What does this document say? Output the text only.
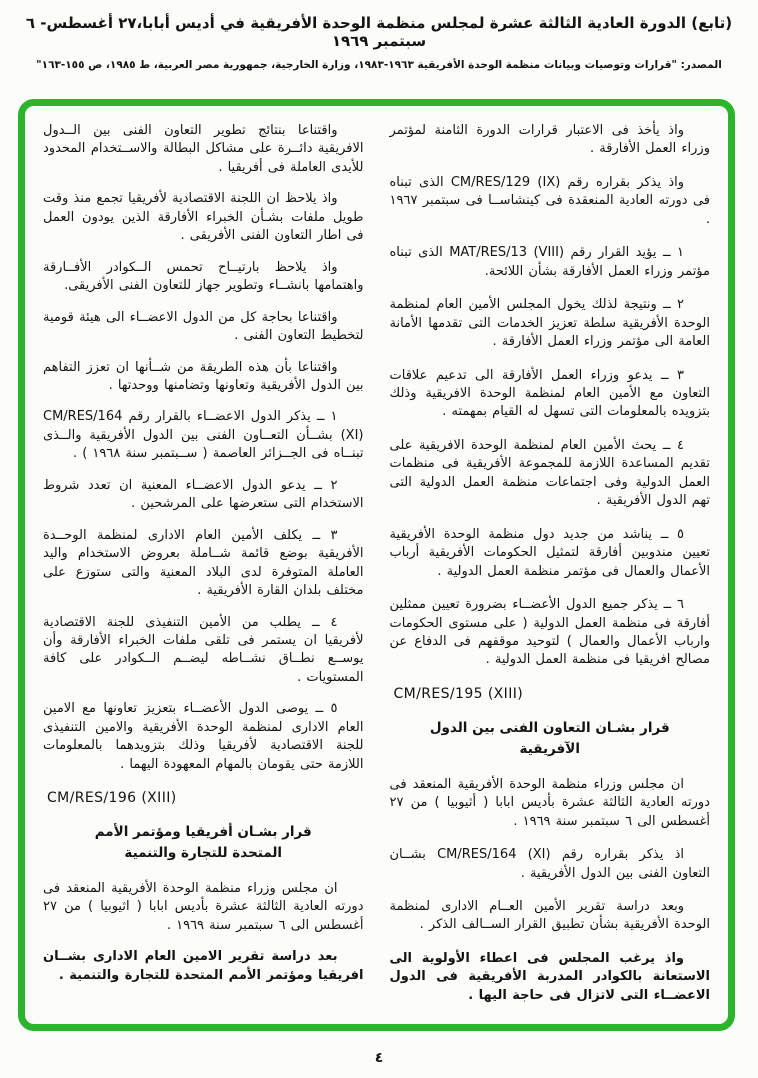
(تابع) الدورة العادية الثالثة عشرة لمجلس منظمة الوحدة الأفريقية في أديس أبابا،٢٧ أغسطس- ٦ سبتمبر ١٩٦٩
المصدر: "قرارات وتوصيات وبيانات منظمة الوحدة الأفريقية ١٩٦٣-١٩٨٣، وزارة الخارجية، جمهورية مصر العربية، ط ١٩٨٥، ص ١٥٥-١٦٣"

واذ يأخذ فى الاعتبار قرارات الدورة الثامنة لمؤتمر وزراء العمل الأفارقة .

واذ يذكر بقراره رقم CM/RES/129 (IX) الذى تبناه فى دورته العادية المنعقدة فى كينشاســا فى سبتمبر ١٩٦٧ .

١ ــ يؤيد القرار رقم MAT/RES/13 (VIII) الذى تبناه مؤتمر وزراء العمل الأفارقة بشأن اللائحة.

٢ ــ ونتيجة لذلك يخول المجلس الأمين العام لمنظمة الوحدة الأفريقية سلطة تعزيز الخدمات التى تقدمها الأمانة العامة الى مؤتمر وزراء العمل الأفارقة .

٣ ــ يدعو وزراء العمل الأفارقة الى تدعيم علاقات التعاون مع الأمين العام لمنظمة الوحدة الافريقية وذلك بتزويده بالمعلومات التى تسهل له القيام بمهمته .

٤ ــ يحث الأمين العام لمنظمة الوحدة الافريقية على تقديم المساعدة اللازمة للمجموعة الأفريقية فى منظمات العمل الدولية وفى اجتماعات منظمة العمل الدولية التى تهم الدول الأفريقية .

٥ ــ يناشد من جديد دول منظمة الوحدة الأفريقية تعيين مندوبين أفارقة لتمثيل الحكومات الأفريقية أرباب الأعمال والعمال فى مؤتمر منظمة العمل الدولية .

٦ ــ يذكر جميع الدول الأعضــاء بضرورة تعيين ممثلين أفارقة فى منظمة العمل الدولية ( على مستوى الحكومات وارباب الأعمال والعمال ) لتوحيد موقفهم فى الدفاع عن مصالح افريقيا فى منظمة العمل الدولية .

CM/RES/195 (XIII)
قرار بشـان التعاون الفنى بين الدول الآفريقية

ان مجلس وزراء منظمة الوحدة الأفريقية المنعقد فى دورته العادية الثالثة عشرة بأديس ابابا ( أثيوبيا ) من ٢٧ أغسطس الى ٦ سبتمبر سنة ١٩٦٩ .

اذ يذكر بقراره رقم CM/RES/164 (XI) بشــان التعاون الفنى بين الدول الأفريقية .

وبعد دراسة تقرير الأمين العــام الادارى لمنظمة الوحدة الأفريقية بشأن تطبيق القرار الســالف الذكر .

واذ يرغب المجلس فى اعطاء الأولوية الى الاستعانة بالكوادر المدربة الأفريقية فى الدول الاعضــاء التى لاتزال فى حاجة اليها .

واقتناعا بنتائج تطوير التعاون الفنى بين الــدول الافريقية دائــرة على مشاكل البطالة والاســتخدام المحدود للأيدى العاملة فى أفريقيا .

واذ يلاحظ ان اللجنة الاقتصادية لأفريقيا تجمع منذ وقت طويل ملفات بشـأن الخبراء الأفارقة الذين يودون العمل فى اطار التعاون الفنى الأفريقى .

واذ يلاحظ بارتيــاح تحمس الــكوادر الأفــارقة واهتمامها بانشــاء وتطوير جهاز للتعاون الفنى الأفريقى.

واقتناعا بحاجة كل من الدول الاعضــاء الى هيئة قومية لتخطيط التعاون الفنى .

واقتناعا بأن هذه الطريقة من شــأنها ان تعزز التفاهم بين الدول الأفريقية وتعاونها وتضامنها ووحدتها .

١ ــ يذكر الدول الاعضــاء بالقرار رقم CM/RES/164 (XI) بشــأن التعــاون الفنى بين الدول الأفريقية والــذى تبنــاه فى الجــزائر العاصمة ( ســبتمبر سنة ١٩٦٨ ) .

٢ ــ يدعو الدول الاعضــاء المعنية ان تعدد شروط الاستخدام التى ستعرضها على المرشحين .

٣ ــ يكلف الأمين العام الادارى لمنظمة الوحــدة الأفريقية بوضع قائمة شــاملة بعروض الاستخدام واليد العاملة المتوفرة لدى البلاد المعنية والتى ستوزع على مختلف بلدان القارة الأفريقية .

٤ ــ يطلب من الأمين التنفيذى للجنة الاقتصادية لأفريقيا ان يستمر فى تلقى ملفات الخبراء الأفارقة وأن يوســع نطــاق نشــاطه ليضــم الــكوادر على كافة المستويات .

٥ ــ يوصى الدول الأعضــاء بتعزيز تعاونها مع الامين العام الادارى لمنظمة الوحدة الأفريقية والامين التنفيذى للجنة الاقتصادية لأفريقيا وذلك بتزويدهما بالمعلومات اللازمة حتى يقومان بالمهام المعهودة اليهما .

CM/RES/196 (XIII)
قرار بشـان أفريقيا ومؤتمر الأمم المتحدة للتجارة والتنمية

ان مجلس وزراء منظمة الوحدة الأفريقية المنعقد فى دورته العادية الثالثة عشرة بأديس ابابا ( اثيوبيا ) من ٢٧ أغسطس الى ٦ سبتمبر سنة ١٩٦٩ .

بعد دراسة تقرير الامين العام الادارى بشــان افريقيا ومؤتمر الأمم المتحدة للتجارة والتنمية .

٤
